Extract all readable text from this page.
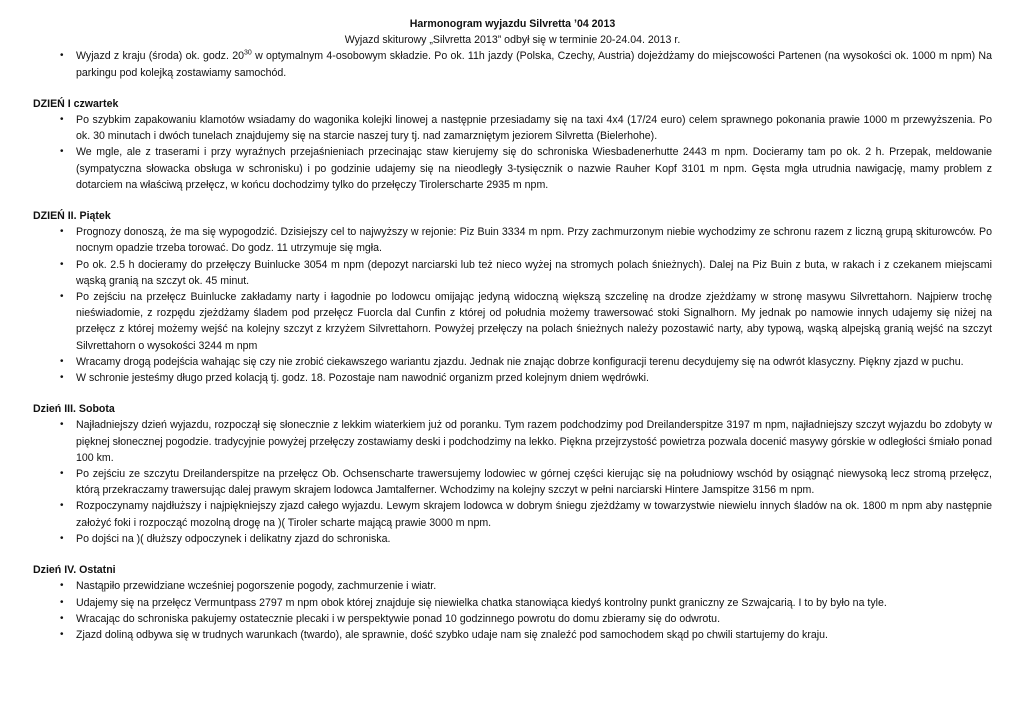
Harmonogram wyjazdu Silvretta ’04 2013

Wyjazd skiturowy „Silvretta 2013” odbył się w terminie 20-24.04. 2013 r.

• Wyjazd z kraju (środa) ok. godz. $20^{30}$ w optymalnym 4-osobowym składzie. Po ok. 11h jazdy (Polska, Czechy, Austria) dojeżdżamy do miejscowości Partenen (na wysokości ok. 1000 m npm) Na parkingu pod kolejką zostawiamy samochód.

DZIEŃ I czwartek

• Po szybkim zapakowaniu klamotów wsiadamy do wagonika kolejki linowej a następnie przesiadamy się na taxi 4x4 (17/24 euro) celem sprawnego pokonania prawie 1000 m przewyższenia. Po ok. 30 minutach i dwóch tunelach znajdujemy się na starcie naszej tury tj. nad zamarzniętym jeziorem Silvretta (Bielerhohe).
• We mgle, ale z traserami i przy wyraźnych przejaśnieniach przecinając staw kierujemy się do schroniska Wiesbadenerhutte 2443 m npm. Docieramy tam po ok. 2 h. Przepak, meldowanie (sympatyczna słowacka obsługa w schronisku) i po godzinie udajemy się na nieodległy 3-tysięcznik o nazwie Rauher Kopf 3101 m npm. Gęsta mgła utrudnia nawigację, mamy problem z dotarciem na właściwą przełęcz, w końcu dochodzimy tylko do przełęczy Tirolerscharte 2935 m npm.

DZIEŃ II. Piątek

• Prognozy donoszą, że ma się wypogodzić. Dzisiejszy cel to najwyższy w rejonie: Piz Buin 3334 m npm. Przy zachmurzonym niebie wychodzimy ze schronu razem z liczną grupą skiturowców. Po nocnym opadzie trzeba torować. Do godz. 11 utrzymuje się mgła.
• Po ok. 2.5 h docieramy do przełęczy Buinlucke 3054 m npm (depozyt narciarski lub też nieco wyżej na stromych polach śnieżnych). Dalej na Piz Buin z buta, w rakach i z czekanem miejscami wąską granią na szczyt ok. 45 minut.
• Po zejściu na przełęcz Buinlucke zakładamy narty i łagodnie po lodowcu omijając jedyną widoczną większą szczelinę na drodze zjeżdżamy w stronę masywu Silvrettahorn. Najpierw trochę nieświadomie, z rozpędu zjeżdżamy śladem pod przełęcz Fuorcla dal Cunfin z której od południa możemy trawersować stoki Signalhorn. My jednak po namowie innych udajemy się niżej na przełęcz z której możemy wejść na kolejny szczyt z krzyżem Silvrettahorn. Powyżej przełęczy na polach śnieżnych należy pozostawić narty, aby typową, wąską alpejską granią wejść na szczyt Silvrettahorn o wysokości 3244 m npm
• Wracamy drogą podejścia wahając się czy nie zrobić ciekawszego wariantu zjazdu. Jednak nie znając dobrze konfiguracji terenu decydujemy się na odwrót klasyczny. Piękny zjazd w puchu.
• W schronie jesteśmy długo przed kolacją tj. godz. 18. Pozostaje nam nawodnić organizm przed kolejnym dniem wędrówki.

Dzień III. Sobota

• Najładniejszy dzień wyjazdu, rozpoczął się słonecznie z lekkim wiaterkiem już od poranku. Tym razem podchodzimy pod Dreilanderspitze 3197 m npm, najładniejszy szczyt wyjazdu bo zdobyty w pięknej słonecznej pogodzie. tradycyjnie powyżej przełęczy zostawiamy deski i podchodzimy na lekko. Piękna przejrzystość powietrza pozwala docenić masywy górskie w odległości śmiało ponad 100 km.
• Po zejściu ze szczytu Dreilanderspitze na przełęcz Ob. Ochsenscharte trawersujemy lodowiec w górnej części kierując się na południowy wschód by osiągnąć niewysoką lecz stromą przełęcz, którą przekraczamy trawersując dalej prawym skrajem lodowca Jamtalferner. Wchodzimy na kolejny szczyt w pełni narciarski Hintere Jamspitze 3156 m npm.
• Rozpoczynamy najdłuższy i najpiękniejszy zjazd całego wyjazdu. Lewym skrajem lodowca w dobrym śniegu zjeżdżamy w towarzystwie niewielu innych śladów na ok. 1800 m npm aby następnie założyć foki i rozpocząć mozolną drogę na )( Tiroler scharte mającą prawie 3000 m npm.
• Po dojści na )( dłuższy odpoczynek i delikatny zjazd do schroniska.

Dzień IV. Ostatni

• Nastąpiło przewidziane wcześniej pogorszenie pogody, zachmurzenie i wiatr.
• Udajemy się na przełęcz Vermuntpass 2797 m npm obok której znajduje się niewielka chatka stanowiąca kiedyś kontrolny punkt graniczny ze Szwajcarią. I to by było na tyle.
• Wracając do schroniska pakujemy ostatecznie plecaki i w perspektywie ponad 10 godzinnego powrotu do domu zbieramy się do odwrotu.
• Zjazd doliną odbywa się w trudnych warunkach (twardo), ale sprawnie, dość szybko udaje nam się znaleźć pod samochodem skąd po chwili startujemy do kraju.
